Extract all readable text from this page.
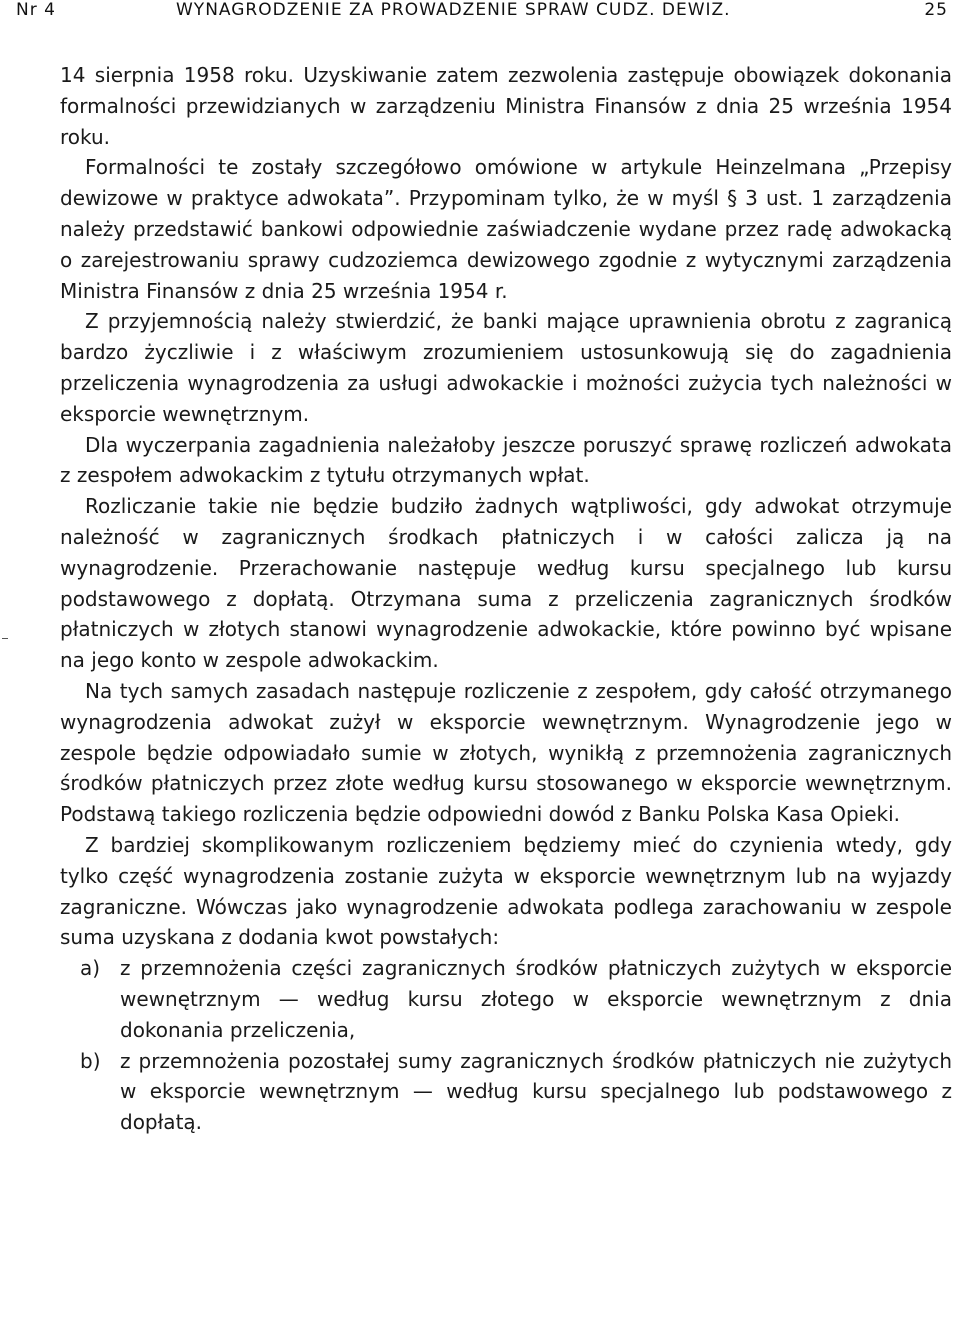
Nr 4	WYNAGRODZENIE ZA PROWADZENIE SPRAW CUDZ. DEWIZ.	25

14 sierpnia 1958 roku. Uzyskiwanie zatem zezwolenia zastępuje obowiązek dokonania formalności przewidzianych w zarządzeniu Ministra Finansów z dnia 25 września 1954 roku.

Formalności te zostały szczegółowo omówione w artykule Heinzelmana „Przepisy dewizowe w praktyce adwokata”. Przypominam tylko, że w myśl § 3 ust. 1 zarządzenia należy przedstawić bankowi odpowiednie zaświadczenie wydane przez radę adwokacką o zarejestrowaniu sprawy cudzoziemca dewizowego zgodnie z wytycznymi zarządzenia Ministra Finansów z dnia 25 września 1954 r.

Z przyjemnością należy stwierdzić, że banki mające uprawnienia obrotu z zagranicą bardzo życzliwie i z właściwym zrozumieniem ustosunkowują się do zagadnienia przeliczenia wynagrodzenia za usługi adwokackie i możności zużycia tych należności w eksporcie wewnętrznym.

Dla wyczerpania zagadnienia należałoby jeszcze poruszyć sprawę rozliczeń adwokata z zespołem adwokackim z tytułu otrzymanych wpłat.

Rozliczanie takie nie będzie budziło żadnych wątpliwości, gdy adwokat otrzymuje należność w zagranicznych środkach płatniczych i w całości zalicza ją na wynagrodzenie. Przerachowanie następuje według kursu specjalnego lub kursu podstawowego z dopłatą. Otrzymana suma z przeliczenia zagranicznych środków płatniczych w złotych stanowi wynagrodzenie adwokackie, które powinno być wpisane na jego konto w zespole adwokackim.

Na tych samych zasadach następuje rozliczenie z zespołem, gdy całość otrzymanego wynagrodzenia adwokat zużył w eksporcie wewnętrznym. Wynagrodzenie jego w zespole będzie odpowiadało sumie w złotych, wynikłą z przemnożenia zagranicznych środków płatniczych przez złote według kursu stosowanego w eksporcie wewnętrznym. Podstawą takiego rozliczenia będzie odpowiedni dowód z Banku Polska Kasa Opieki.

Z bardziej skomplikowanym rozliczeniem będziemy mieć do czynienia wtedy, gdy tylko część wynagrodzenia zostanie zużyta w eksporcie wewnętrznym lub na wyjazdy zagraniczne. Wówczas jako wynagrodzenie adwokata podlega zarachowaniu w zespole suma uzyskana z dodania kwot powstałych:

a) z przemnożenia części zagranicznych środków płatniczych zużytych w eksporcie wewnętrznym — według kursu złotego w eksporcie wewnętrznym z dnia dokonania przeliczenia,
b) z przemnożenia pozostałej sumy zagranicznych środków płatniczych nie zużytych w eksporcie wewnętrznym — według kursu specjalnego lub podstawowego z dopłatą.
